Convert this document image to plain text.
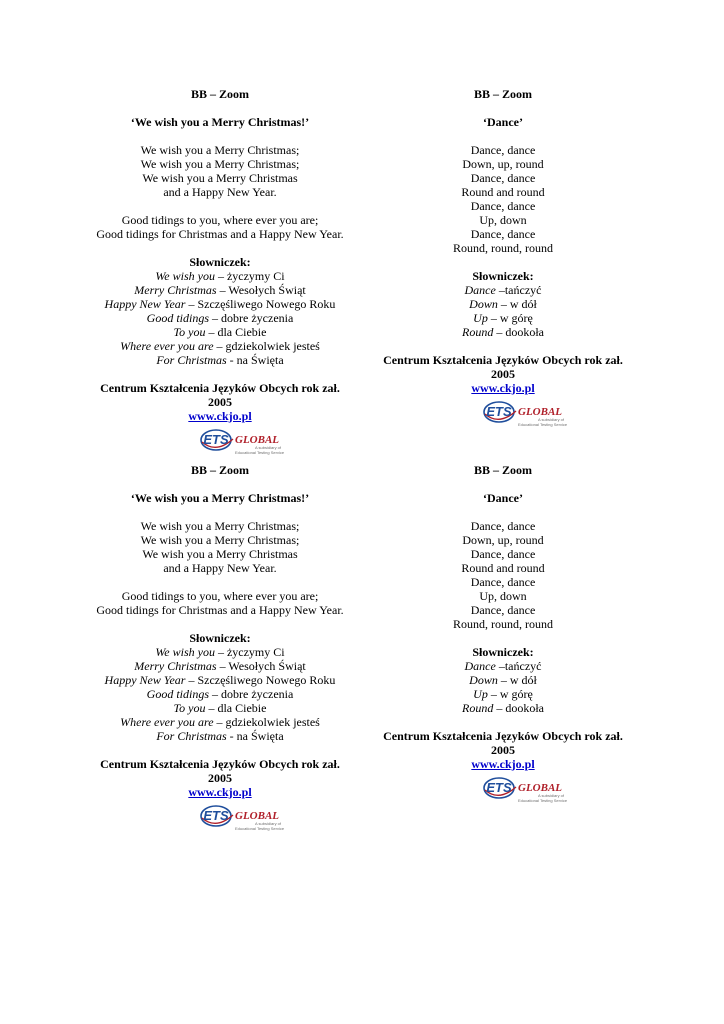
BB – Zoom

‘We wish you a Merry Christmas!’

We wish you a Merry Christmas;

We wish you a Merry Christmas;

We wish you a Merry Christmas

and a Happy New Year.

Good tidings to you, where ever you are;

Good tidings for Christmas and a Happy New Year.

Słowniczek:

We wish you – życzymy Ci

Merry Christmas – Wesołych Świąt

Happy New Year – Szczęśliwego Nowego Roku

Good tidings – dobre życzenia

To you – dla Ciebie

Where ever you are – gdziekolwiek jesteś

For Christmas - na Święta

Centrum Kształcenia Języków Obcych rok zał.

2005

www.ckjo.pl

ETS GLOBAL
A subsidiary of
Educational Testing Service

BB – Zoom

‘Dance’

Dance, dance

Down, up, round

Dance, dance

Round and round

Dance, dance

Up, down

Dance, dance

Round, round, round

Słowniczek:

Dance –tańczyć

Down – w dół

Up – w górę

Round – dookoła

Centrum Kształcenia Języków Obcych rok zał.

2005

www.ckjo.pl

ETS GLOBAL
A subsidiary of
Educational Testing Service

BB – Zoom

‘We wish you a Merry Christmas!’

We wish you a Merry Christmas;

We wish you a Merry Christmas;

We wish you a Merry Christmas

and a Happy New Year.

Good tidings to you, where ever you are;

Good tidings for Christmas and a Happy New Year.

Słowniczek:

We wish you – życzymy Ci

Merry Christmas – Wesołych Świąt

Happy New Year – Szczęśliwego Nowego Roku

Good tidings – dobre życzenia

To you – dla Ciebie

Where ever you are – gdziekolwiek jesteś

For Christmas - na Święta

Centrum Kształcenia Języków Obcych rok zał.

2005

www.ckjo.pl

ETS GLOBAL
A subsidiary of
Educational Testing Service

BB – Zoom

‘Dance’

Dance, dance

Down, up, round

Dance, dance

Round and round

Dance, dance

Up, down

Dance, dance

Round, round, round

Słowniczek:

Dance –tańczyć

Down – w dół

Up – w górę

Round – dookoła

Centrum Kształcenia Języków Obcych rok zał.

2005

www.ckjo.pl

ETS GLOBAL
A subsidiary of
Educational Testing Service
